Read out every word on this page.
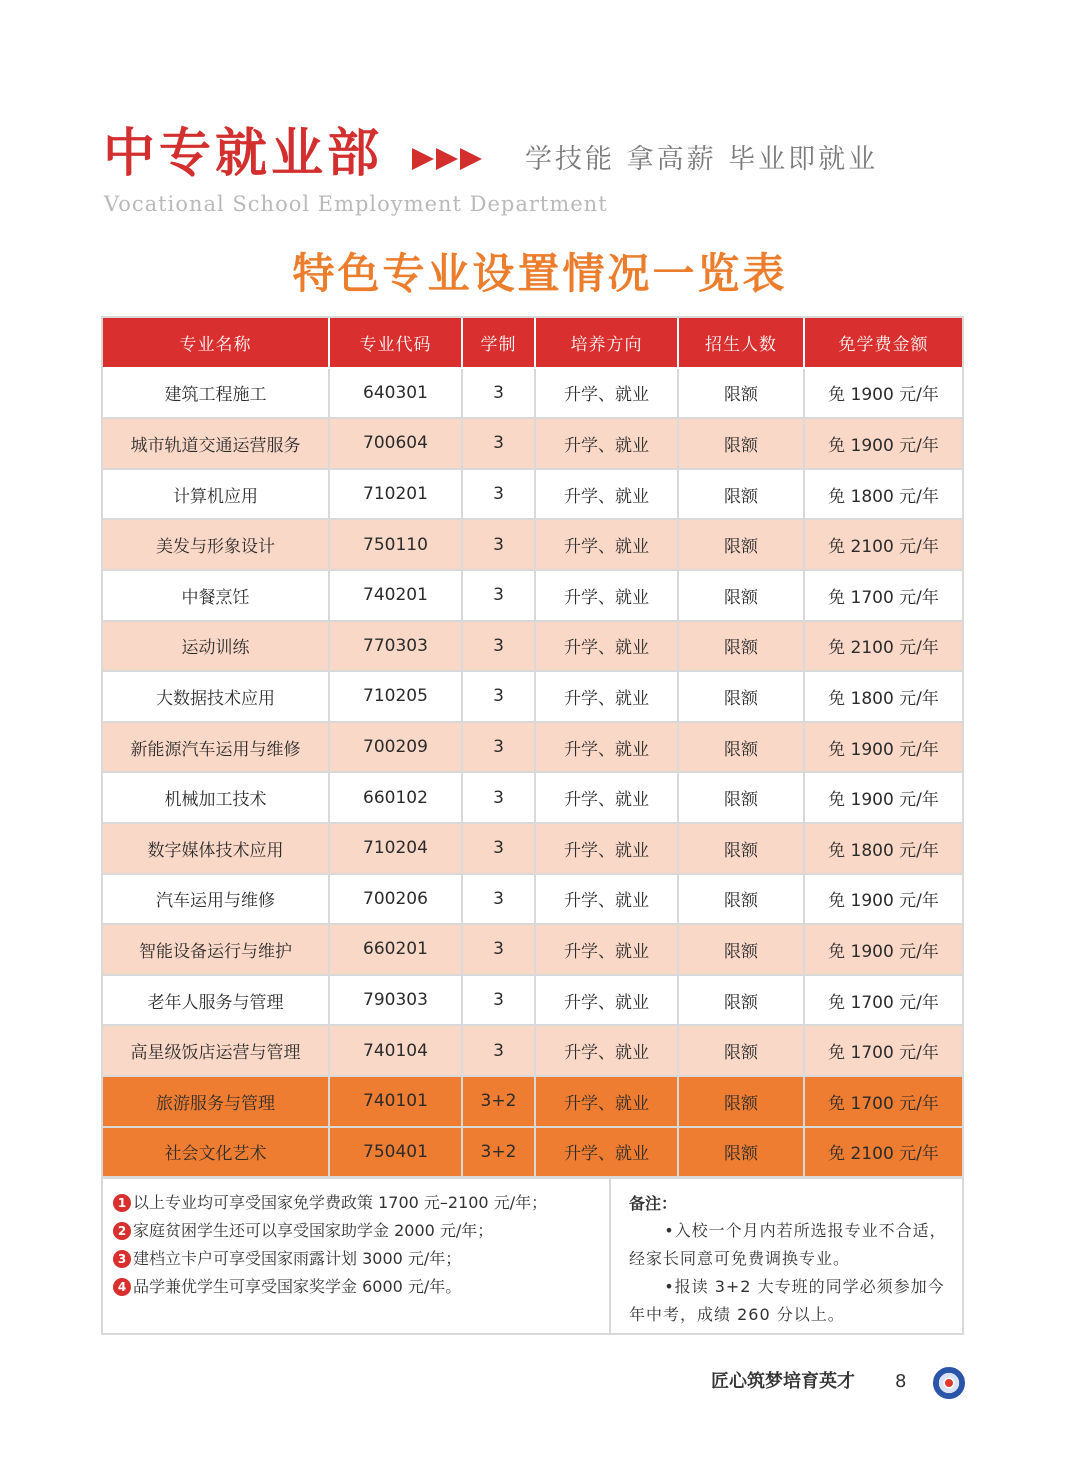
中专就业部	学技能 拿高薪 毕业即就业
Vocational School Employment Department
特色专业设置情况一览表
专业名称	专业代码	学制	培养方向	招生人数	免学费金额
建筑工程施工	640301	3	升学、就业	限额	免 1900 元/年
城市轨道交通运营服务	700604	3	升学、就业	限额	免 1900 元/年
计算机应用	710201	3	升学、就业	限额	免 1800 元/年
美发与形象设计	750110	3	升学、就业	限额	免 2100 元/年
中餐烹饪	740201	3	升学、就业	限额	免 1700 元/年
运动训练	770303	3	升学、就业	限额	免 2100 元/年
大数据技术应用	710205	3	升学、就业	限额	免 1800 元/年
新能源汽车运用与维修	700209	3	升学、就业	限额	免 1900 元/年
机械加工技术	660102	3	升学、就业	限额	免 1900 元/年
数字媒体技术应用	710204	3	升学、就业	限额	免 1800 元/年
汽车运用与维修	700206	3	升学、就业	限额	免 1900 元/年
智能设备运行与维护	660201	3	升学、就业	限额	免 1900 元/年
老年人服务与管理	790303	3	升学、就业	限额	免 1700 元/年
高星级饭店运营与管理	740104	3	升学、就业	限额	免 1700 元/年
旅游服务与管理	740101	3+2	升学、就业	限额	免 1700 元/年
社会文化艺术	750401	3+2	升学、就业	限额	免 2100 元/年
1 以上专业均可享受国家免学费政策 1700 元–2100 元/年；
2 家庭贫困学生还可以享受国家助学金 2000 元/年；
3 建档立卡户可享受国家雨露计划 3000 元/年；
4 品学兼优学生可享受国家奖学金 6000 元/年。
备注：
•入校一个月内若所选报专业不合适，经家长同意可免费调换专业。
•报读 3+2 大专班的同学必须参加今年中考，成绩 260 分以上。
匠心筑梦培育英才 8
